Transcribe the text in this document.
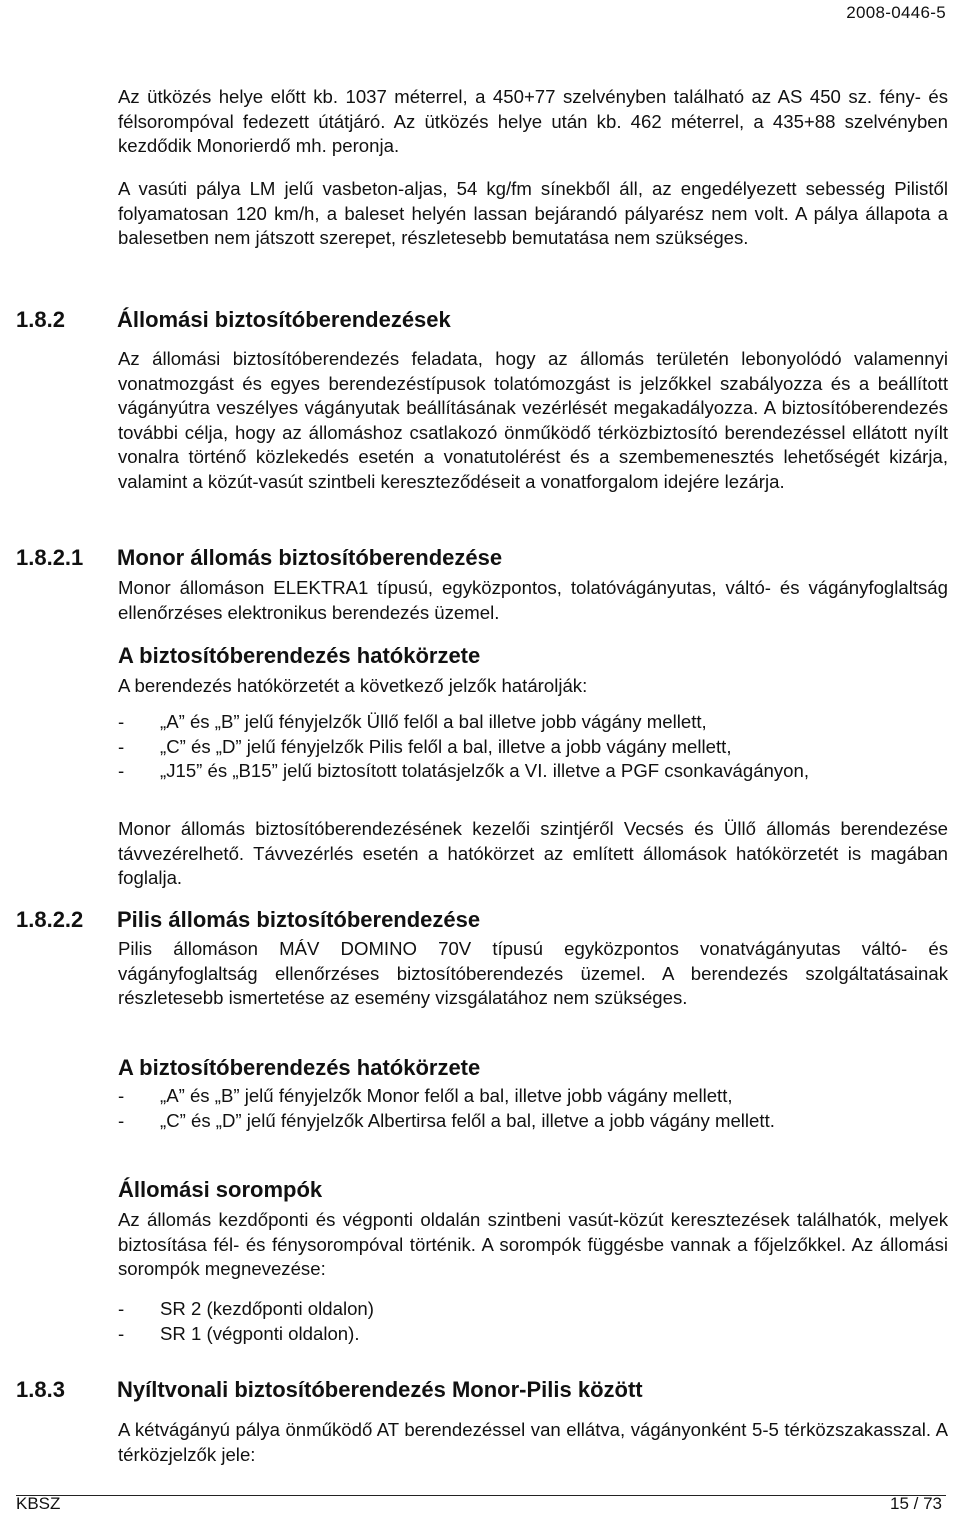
2008-0446-5

Az ütközés helye előtt kb. 1037 méterrel, a 450+77 szelvényben található az AS 450 sz. fény- és félsorompóval fedezett útátjáró. Az ütközés helye után kb. 462 méterrel, a 435+88 szelvényben kezdődik Monorierdő mh. peronja.

A vasúti pálya LM jelű vasbeton-aljas, 54 kg/fm sínekből áll, az engedélyezett sebesség Pilistől folyamatosan 120 km/h, a baleset helyén lassan bejárandó pályarész nem volt. A pálya állapota a balesetben nem játszott szerepet, részletesebb bemutatása nem szükséges.

1.8.2 Állomási biztosítóberendezések

Az állomási biztosítóberendezés feladata, hogy az állomás területén lebonyolódó valamennyi vonatmozgást és egyes berendezéstípusok tolatómozgást is jelzőkkel szabályozza és a beállított vágányútra veszélyes vágányutak beállításának vezérlését megakadályozza. A biztosítóberendezés további célja, hogy az állomáshoz csatlakozó önműködő térközbiztosító berendezéssel ellátott nyílt vonalra történő közlekedés esetén a vonatutolérést és a szembemenesztés lehetőségét kizárja, valamint a közút-vasút szintbeli kereszteződéseit a vonatforgalom idejére lezárja.

1.8.2.1 Monor állomás biztosítóberendezése

Monor állomáson ELEKTRA1 típusú, egyközpontos, tolatóvágányutas, váltó- és vágányfoglaltság ellenőrzéses elektronikus berendezés üzemel.

A biztosítóberendezés hatókörzete

A berendezés hatókörzetét a következő jelzők határolják:

- „A” és „B” jelű fényjelzők Üllő felől a bal illetve jobb vágány mellett,
- „C” és „D” jelű fényjelzők Pilis felől a bal, illetve a jobb vágány mellett,
- „J15” és „B15” jelű biztosított tolatásjelzők a VI. illetve a PGF csonkavágányon,

Monor állomás biztosítóberendezésének kezelői szintjéről Vecsés és Üllő állomás berendezése távvezérelhető. Távvezérlés esetén a hatókörzet az említett állomások hatókörzetét is magában foglalja.

1.8.2.2 Pilis állomás biztosítóberendezése

Pilis állomáson MÁV DOMINO 70V típusú egyközpontos vonatvágányutas váltó- és vágányfoglaltság ellenőrzéses biztosítóberendezés üzemel. A berendezés szolgáltatásainak részletesebb ismertetése az esemény vizsgálatához nem szükséges.

A biztosítóberendezés hatókörzete
- „A” és „B” jelű fényjelzők Monor felől a bal, illetve jobb vágány mellett,
- „C” és „D” jelű fényjelzők Albertirsa felől a bal, illetve a jobb vágány mellett.
Állomási sorompók

Az állomás kezdőponti és végponti oldalán szintbeni vasút-közút keresztezések találhatók, melyek biztosítása fél- és fénysorompóval történik. A sorompók függésbe vannak a főjelzőkkel. Az állomási sorompók megnevezése:

- SR 2 (kezdőponti oldalon)
- SR 1 (végponti oldalon).
1.8.3 Nyíltvonali biztosítóberendezés Monor-Pilis között

A kétvágányú pálya önműködő AT berendezéssel van ellátva, vágányonként 5-5 térközszakasszal. A térközjelzők jele:

KBSZ	15 / 73
